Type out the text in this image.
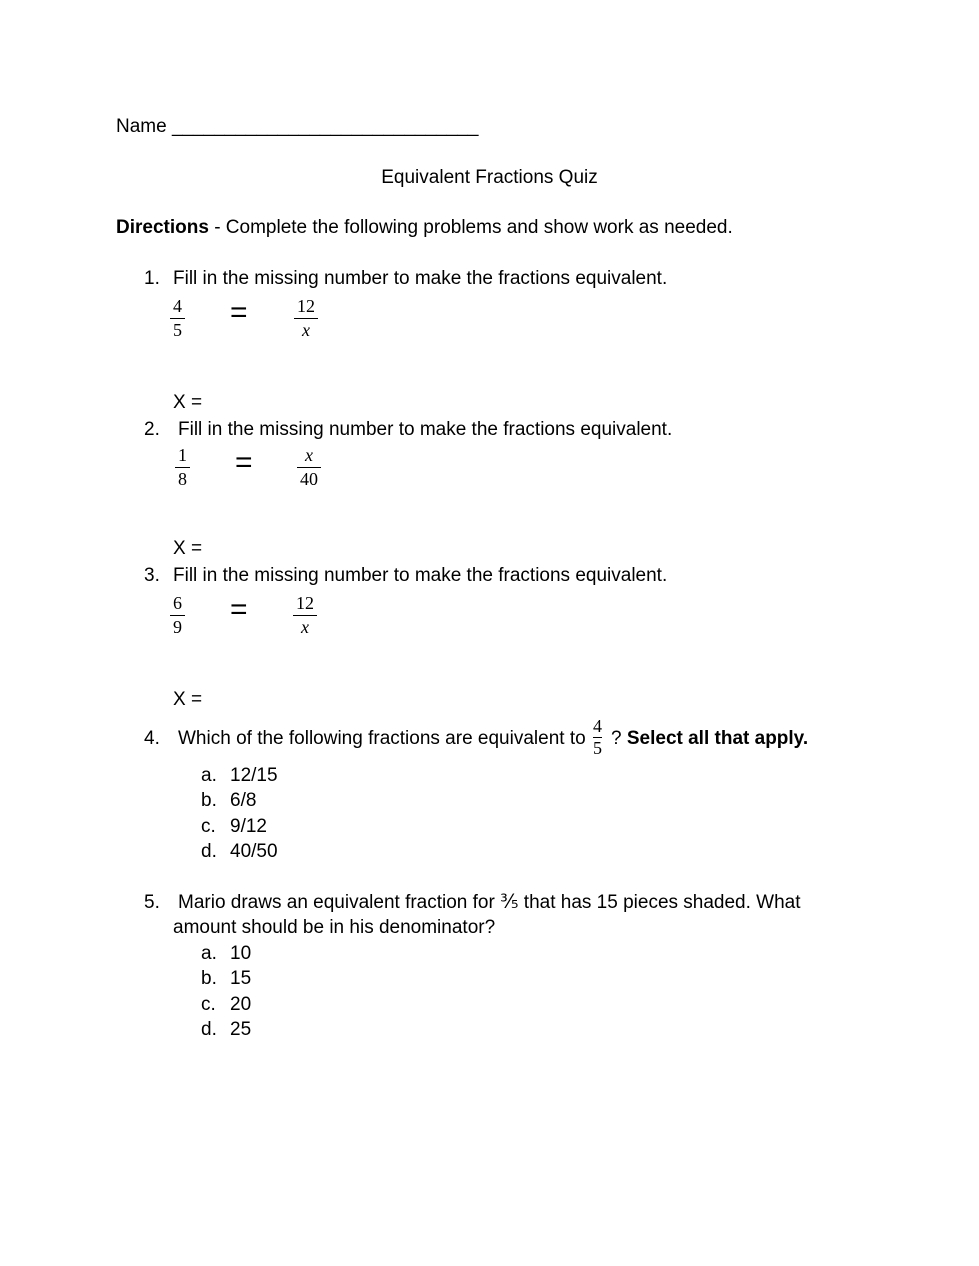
Name _____________________________
Equivalent Fractions Quiz
Directions - Complete the following problems and show work as needed.
1. Fill in the missing number to make the fractions equivalent.
4
5
=	12
x
X =
2. Fill in the missing number to make the fractions equivalent.
1
8 =	x
40
X =
3. Fill in the missing number to make the fractions equivalent.
6
9
=	12
x
X =
4. Which of the following fractions are equivalent to
4
5 ? Select all that apply.
a. 12/15
b. 6/8
c. 9/12
d. 40/50
5. Mario draws an equivalent fraction for ⅗ that has 15 pieces shaded. What
amount should be in his denominator?
a. 10
b. 15
c. 20
d. 25
